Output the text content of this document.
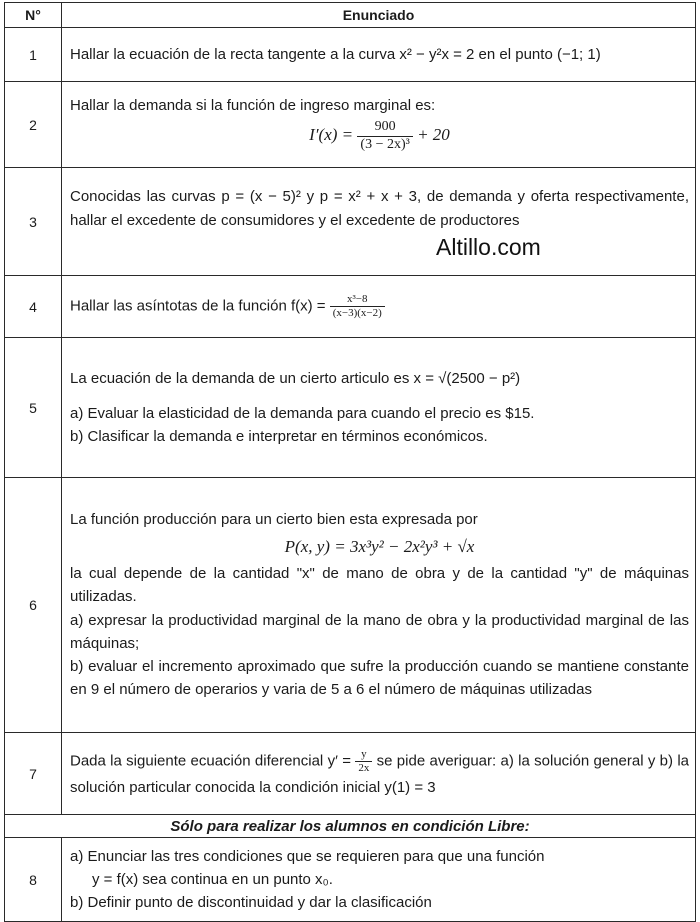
N°	Enunciado
1	Hallar la ecuación de la recta tangente a la curva x² − y²x = 2 en el punto (−1; 1)
2	Hallar la demanda si la función de ingreso marginal es:
$I'(x) = \frac{900}{\text{(3 − 2x)³}} + 20$

3	Conocidas las curvas p = (x − 5)² y p = x² + x + 3, de demanda y oferta respectivamente, hallar el excedente de consumidores y el excedente de productores
4	Hallar las asíntotas de la función $f(x) = \frac{\text{x³−8}}{(x-3)(x-2)}$

5	La ecuación de la demanda de un cierto articulo es x = √(2500 − p²)
a) Evaluar la elasticidad de la demanda para cuando el precio es $15.
b) Clasificar la demanda e interpretar en términos económicos.

6	La función producción para un cierto bien esta expresada por
P(x, y) = 3x³y² − 2x²y³ + √x
la cual depende de la cantidad "x" de mano de obra y de la cantidad "y" de máquinas utilizadas.
a) expresar la productividad marginal de la mano de obra y la productividad marginal de las máquinas;
b) evaluar el incremento aproximado que sufre la producción cuando se mantiene constante en 9 el número de operarios y varia de 5 a 6 el número de máquinas utilizadas

7	Dada la siguiente ecuación diferencial $y' = \frac{y}{2x}$ se pide averiguar: a) la solución general y b) la solución particular conocida la condición inicial y(1) = 3
Sólo para realizar los alumnos en condición Libre:	
8	a) Enunciar las tres condiciones que se requieren para que una función
y = f(x) sea continua en un punto x₀.
b) Definir punto de discontinuidad y dar la clasificación
Altillo.com
